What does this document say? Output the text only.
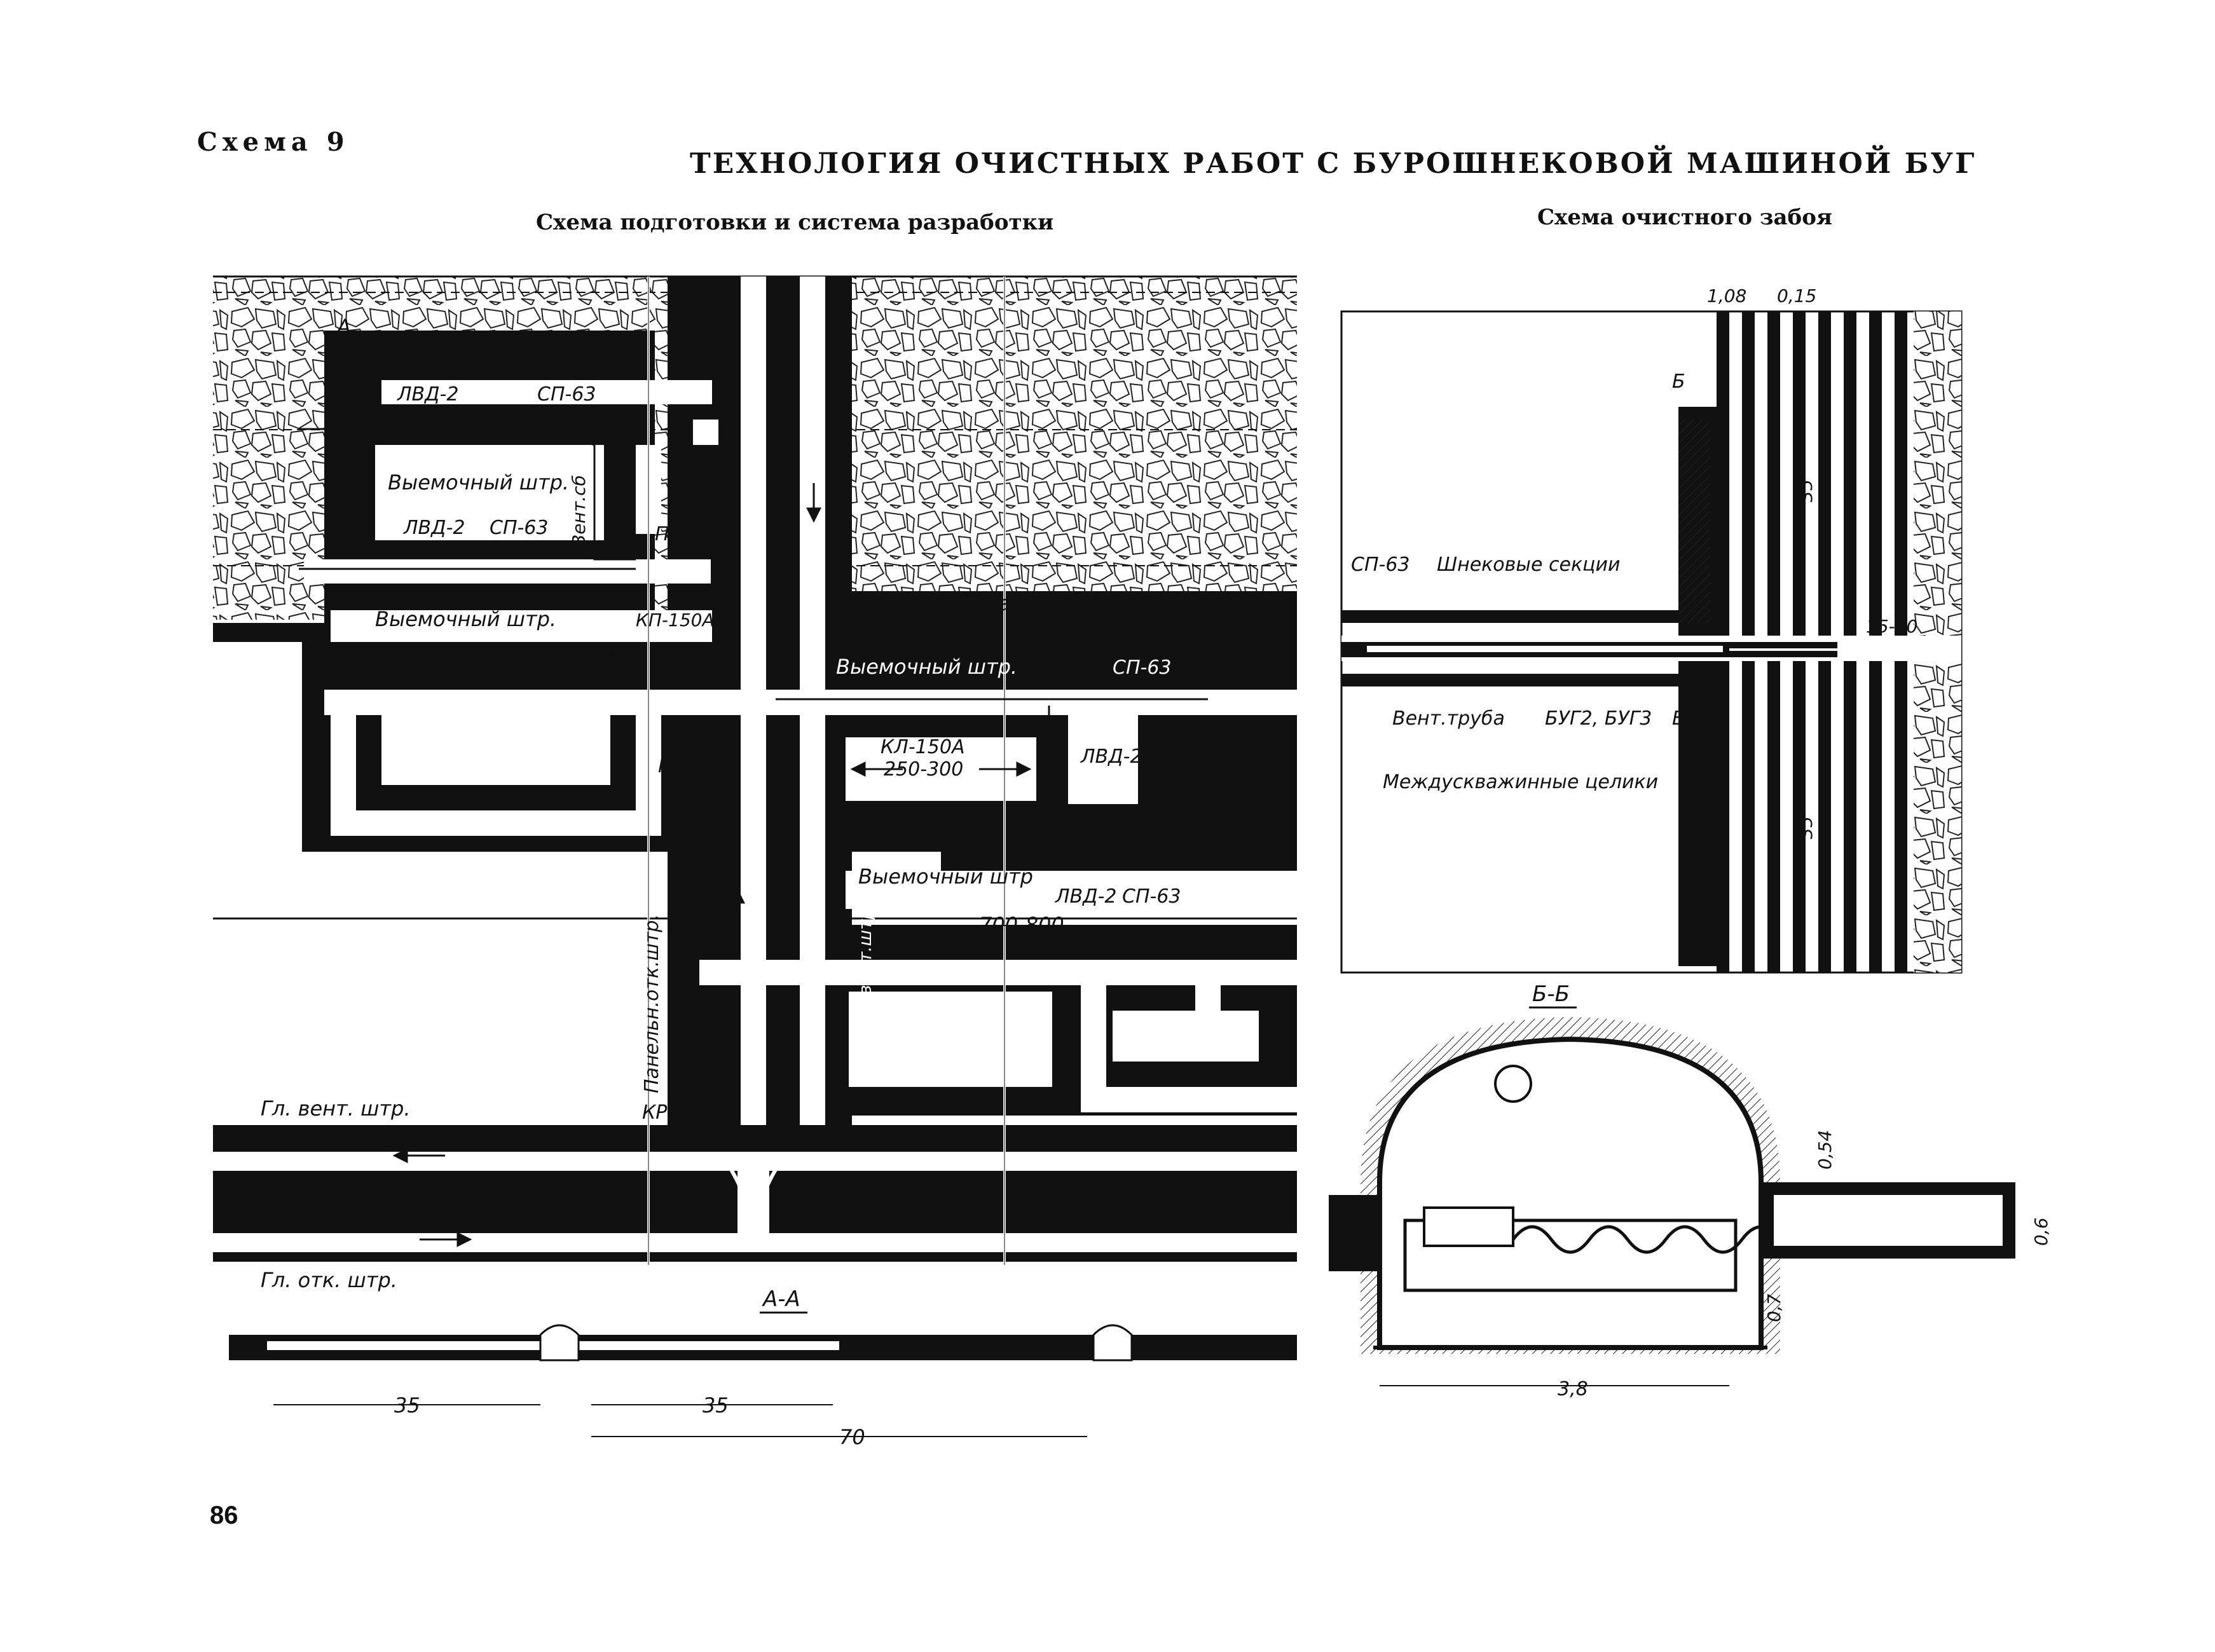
Схема 9
ТЕХНОЛОГИЯ ОЧИСТНЫХ РАБОТ С БУРОШНЕКОВОЙ МАШИНОЙ БУГ
Схема подготовки и система разработки	Схема очистного забоя
86
А
А
ЛВД-2	СП-63
Выемочный штр.
Вент.сб
ЛВД-2 СП-63	ПТВ
Выемочный штр.	КП-150А
„Проходка-500-2м"
„Проходка-500-2м"
Выемочный штр.	СП-63
ПТВ
КЛ-150А
250-300
ЛВД-2
Выемочный штр
ЛВД-2 СП-63
700-800
Панельн.отк.штр.	Панельн. вент.штр
КР-10
Гл. вент. штр.
Гл. отк. штр.
А-А
35	35
70
1,08 0,15
Б
Б
35
35
СП-63 Шнековые секции
15-20
Вент.труба БУГ2, БУГ3
Междускважинные целики
Б-Б
0,54
0,6
0,7
3,8
